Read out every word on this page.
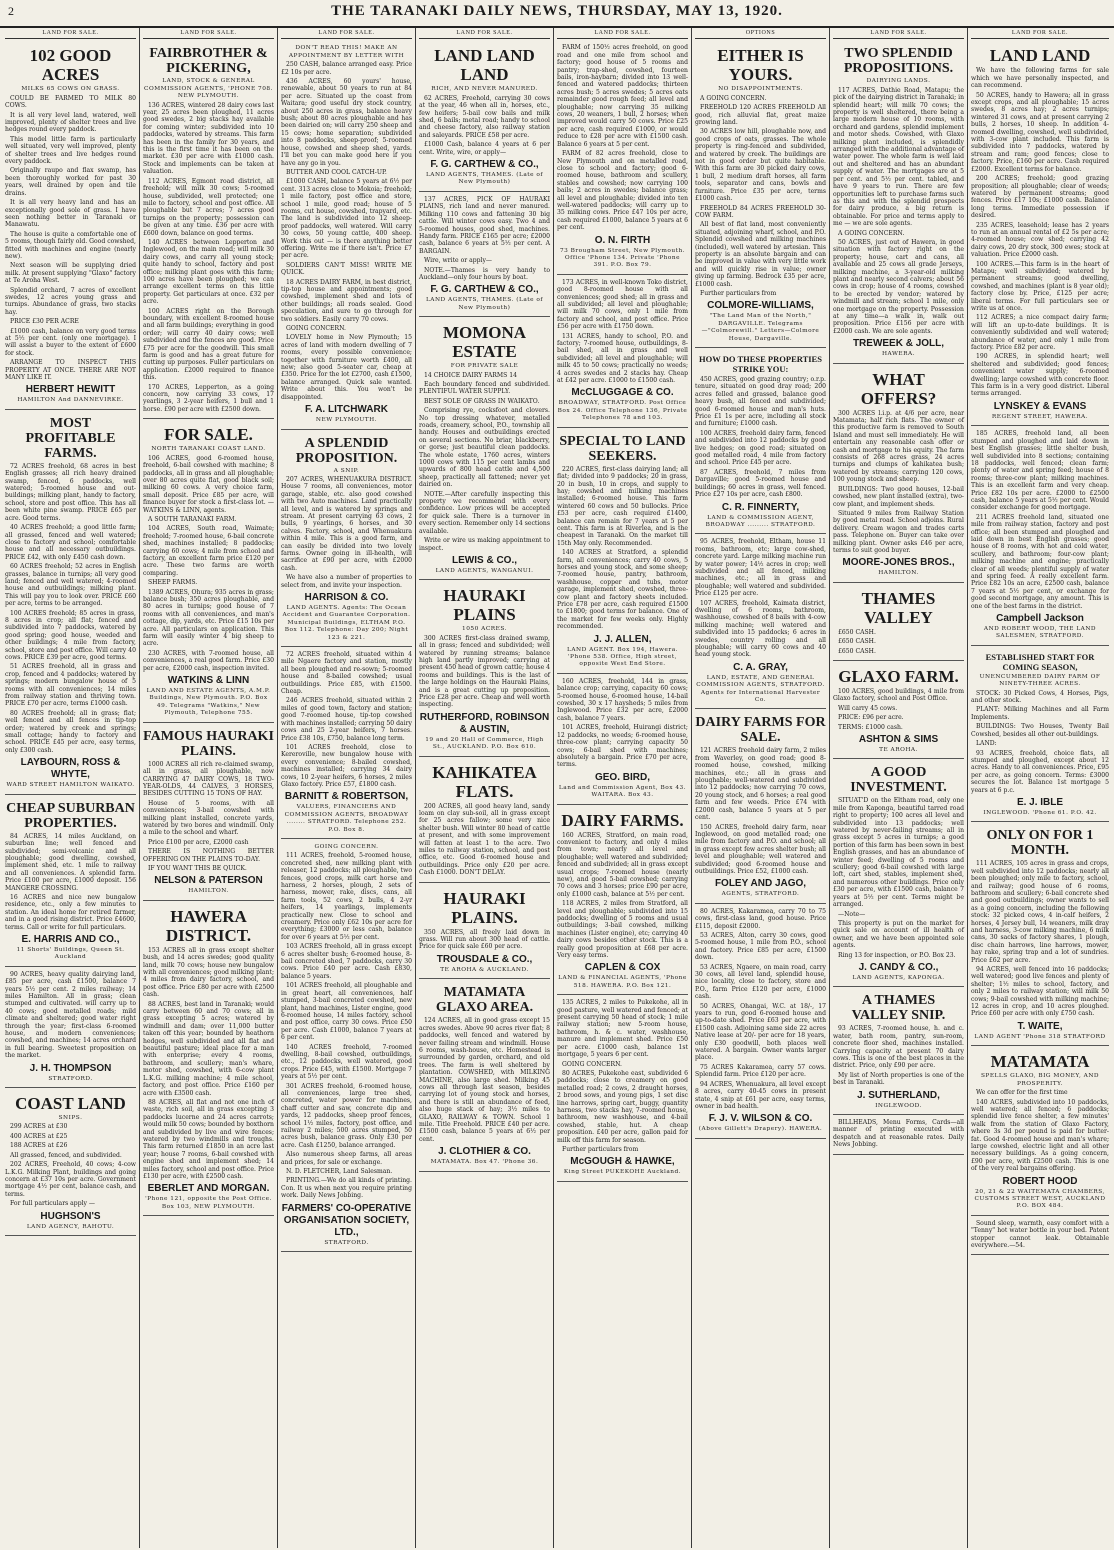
2	THE TARANAKI DAILY NEWS, THURSDAY, MAY 13, 1920.
LAND FOR SALE.
102 GOOD ACRES
MILKS 65 COWS ON GRASS.

COULD BE FARMED TO MILK 80 COWS.

It is all very level land, watered, well improved, plenty of shelter trees and live hedges round every paddock.

This model little farm is particularly well situated, very well improved, plenty of shelter trees and live hedges round every paddock.

Originally raupo and flax swamp, has been thoroughly worked for past 30 years, well drained by open and tile drains.

It is all very heavy land and has an exceptionally good sole of grass. I have seen nothing better in Taranaki or Manawatu.

The house is quite a comfortable one of 5 rooms, though fairly old. Good cowshed, fitted with machines and engine (nearly new).

Next season will be supplying dried milk. At present supplying "Glaxo" factory at Te Aroha West.

Splendid orchard, 7 acres of excellent swedes, 12 acres young grass and turnips. Abundance of grass, two stacks hay.

PRICE £30 PER ACRE

£1000 cash, balance on very good terms at 5½ per cent. (only one mortgage). I will assist a buyer to the extent of £600 for stock.

ARRANGE TO INSPECT THIS PROPERTY AT ONCE. THERE ARE NOT MANY LIKE IT.

HERBERT HEWITT
HAMILTON And DANNEVIRKE.
MOST PROFITABLE FARMS.

72 ACRES freehold, 68 acres in best English grasses; all rich heavy drained swamp, fenced, 6 paddocks, well watered; 5-roomed house and out-buildings; milking plant, handy to factory, school, store and post office. This has all been white pine swamp. PRICE £65 per acre. Good terms.

40 ACRES freehold; a good little farm; all grassed, fenced and well watered; close to factory and school; comfortable house and all necessary outbuildings. PRICE £42, with only £450 cash down.

60 ACRES freehold; 52 acres in English grasses, balance in turnips; all very good land; fenced and well watered; 4-roomed house and outbuildings; milking plant. This will pay you to look over. PRICE £60 per acre, terms to be arranged.

100 ACRES freehold; 85 acres in grass, 8 acres in crop; all flat; fenced and subdivided into 7 paddocks, watered by good spring; good house, weeded and other buildings; 4 mile from factory, school, store and post office. Will carry 40 cows. PRICE £39 per acre, good terms.

51 ACRES freehold, all in grass and crop, fenced and 4 paddocks; watered by springs; modern bungalow house of 5 rooms with all conveniences; 14 miles from railway station and thriving town. PRICE £70 per acre, terms £1000 cash.

80 ACRES freehold; all in grass; flat; well fenced and all fences in tip-top order; watered by creek and springs; small cottage; handy to factory and school. PRICE £45 per acre, easy terms, only £300 cash.

LAYBOURN, ROSS & WHYTE,
WARD STREET HAMILTON WAIKATO.
CHEAP SUBURBAN PROPERTIES.

84 ACRES, 14 miles Auckland, on suburban line; well fenced and subdivided; semi-volcanic and all ploughable; good dwelling, cowshed, implement shed, etc. 1 mile to railway and all conveniences. A splendid farm. Price £100 per acre, £1000 deposit. 156 MANGERE CROSSING.

16 ACRES and nice new bungalow residence, etc., only a few minutes to station. An ideal home for retired farmer, and in a good rising district. Price £4600, terms. Call or write for full particulars.

E. HARRIS AND CO.,
11 Shorts' Buildings, Queen St. Auckland

90 ACRES, heavy quality dairying land, £85 per acre, cash £1500, balance 7 years 5½ per cent. 2 miles railway; 14 miles Hamilton. All in grass; clean stumped and cultivated. will carry up to 40 cows; good metalled roads; mild climate and sheltered; good water right through the year; first-class 6-roomed house, and modern conveniences; cowshed, and machines; 14 acres orchard in full bearing. Sweetest proposition on the market.

J. H. THOMPSON
STRATFORD.
COAST LAND
SNIPS.

299 ACRES at £30

400 ACRES at £25

188 ACRES at £26

All grassed, fenced, and subdivided.

202 ACRES, Freehold, 40 cows; 4-cow L.K.G. Milking Plant, buildings and going concern at £37 10s per acre. Government mortgage 4½ per cent, balance cash, and terms.

For full particulars apply —

HUGHSON'S
LAND AGENCY, RAHOTU.
LAND FOR SALE.
FAIRBROTHER & PICKERING,
LAND, STOCK & GENERAL COMMISSION AGENTS, 'PHONE 708. NEW PLYMOUTH.

136 ACRES, wintered 28 dairy cows last year, 25 acres been ploughed, 11 acres good swedes, 2 big stacks hay available for coming winter; subdivided into 10 paddocks, watered by streams. This farm has been in the family for 30 years, and this is the first time it has been on the market. £30 per acre with £1000 cash. Stock and implements can be taken at valuation.

112 ACRES, Egmont road district, all freehold; will milk 30 cows; 5-roomed house, subdivided, well protected; one mile to factory, school and post office. All ploughable but 7 acres; 7 acres good turnips on the property; possession can be given at any time. £36 per acre with £600 down, balance on good terms.

140 ACRES between Lepperton and Inglewood, on the main road; will milk 30 dairy cows, and carry all young stock; quite handy to school, factory and post office; milking plant goes with this farm; 100 acres have been ploughed; we can arrange excellent terms on this little property. Get particulars at once. £32 per acre.

100 ACRES right on the Borough boundary, with excellent 8-roomed house and all farm buildings; everything in good order; will carry 40 dairy cows; well subdivided and the fences are good. Price £75 per acre for the goodwill. This small farm is good and has a great future for cutting up purposes. Fuller particulars on application. £2000 required to finance this.

170 ACRES, Lepperton, as a going concern, now carrying 33 cows, 17 yearlings, 3 2-year heifers, 1 bull and 1 horse. £90 per acre with £2500 down.

FOR SALE.
NORTH TARANAKI COAST LAND.

106 ACRES, good 6-roomed house, freehold, 6-bail cowshed with machine; 8 paddocks, all in grass and all ploughable; over 80 acres quite flat, good black soil; milking 60 cows. A very choice farm, small deposit. Price £85 per acre, will finance buyer for stock a first-class lot. — WATKINS & LINN, agents.

A SOUTH TARANAKI FARM.

104 ACRES, South road, Waimate; freehold; 7-roomed house, 6-bail concrete shed, machines installed; 8 paddocks; carrying 60 cows; 4 mile from school and factory, an excellent farm price £120 per acre. These two farms are worth comparing.

SHEEP FARMS.

1389 ACRES, Ohura; 935 acres in grass; balance bush; 350 acres ploughable, and 80 acres in turnips; good house of 7 rooms with all conveniences, and man's cottage, dip, yards, etc. Price £15 10s per acre. All particulars on application. This farm will easily winter 4 big sheep to acre.

230 ACRES, with 7-roomed house, all conveniences, a real good farm. Price £30 per acre, £2000 cash, inspection invited.

WATKINS & LINN
LAND AND ESTATE AGENTS, A.M.P. Buildings, New Plymouth. P.O. Box 49. Telegrams "Watkins," New Plymouth, Telephone 755.
FAMOUS HAURAKI PLAINS.

1000 ACRES all rich re-claimed swamp, all in grass, all ploughable, now CARRYING 47 DAIRY COWS, 18 TWO-YEAR-OLDS, 44 CALVES, 3 HORSES, BESIDES CUTTING 15 TONS OF HAY.

House of 5 rooms, with all conveniences; 3-bail cowshed with milking plant installed, concrete yards, watered by two bores and windmill. Only a mile to the school and wharf.

Price £100 per acre, £2000 cash

THERE IS NOTHING BETTER OFFERING ON THE PLAINS TO-DAY.

IF YOU WANT THIS BE QUICK.

NELSON & PATERSON
HAMILTON.
HAWERA DISTRICT.

153 ACRES all in grass except shelter bush, and 14 acres swedes; good quality land, milk 70 cows; house new bungalow with all conveniences; good milking plant; 4 miles from dairy factory, school, and post office. Price £80 per acre with £2500 cash.

88 ACRES, best land in Taranaki; would carry between 60 and 70 cows; all in grass excepting 5 acres; watered by windmill and dam; over 11,000 butter taken off this year; bounded by heathorn hedges, well subdivided and all flat and beautiful pasture; ideal place for a man with enterprise; every 4 rooms, bathroom, and scullery; man's whare, motor shed, cowshed, with 6-cow plant L.K.G. milking machine; 4 mile school, factory, and post office. Price £160 per acre with £3500 cash.

88 ACRES, all flat and not one inch of waste, rich soil, all in grass excepting 3 paddocks lucerne and 24 acres carrots; would milk 50 cows; bounded by boxthorn and subdivided by live and wire fences; watered by two windmills and troughs. This farm returned £1850 in an acre last year; house 7 rooms, 6-bail cowshed with engine shed and implement shed; 14 miles factory, school and post office. Price £130 per acre, with £2500 cash.

EBERLET AND MORGAN.
'Phone 121, opposite the Post Office. Box 103, NEW PLYMOUTH.
LAND FOR SALE.
DON'T READ THIS! MAKE AN APPOINTMENT BY LETTER WITH

250 CASH, balance arranged easy. Price £2 10s per acre.

436 ACRES, 60 yours' house, renewable, about 50 years to run at 84 per acre. Situated up the coast from Waitara; good useful dry stock country, about 250 acres in grass, balance heavy bush; about 80 acres ploughable and has been dairied on; will carry 250 sheep and 15 cows; home separation; subdivided into 8 paddocks, sheep-proof; 5-roomed house, cowshed and sheep shed, yards. I'll bet you can make good here if you have any go in you.

BUTTER AND COOL CATCH-UP.

£1000 CASH, balance 5 years at 6½ per cent. 313 acres close to Mokoia; freehold; 1 mile factory, post office and store, school 1 mile, good road; house of 5 rooms, cut house, cowshed, trapyard, etc. The land is subdivided into 12 sheep-proof paddocks, well watered. Will carry 30 cows, 50 young cattle, 400 sheep. Work this out — is there anything better offering. Write me if there isn't. Price £7 per acre.

SOLDIERS CAN'T MISS! WRITE ME QUICK.

18 ACRES DAIRY FARM, in best district, tip-top house and appointments; good cowshed, implement shed and lots of other buildings; all roads sealed. Good speculation, and sure to go through for two soldiers. Easily carry 70 cows.

GOING CONCERN.

LOVELY home in New Plymouth; 15 acres of land with modern dwelling of 7 rooms, every possible convenience; together with furniture worth £400, all new; also good 5-seater car, cheap at £350. Price for the lot £2700, cash £1500, balance arranged. Quick sale wanted. Write about this. You won't be disappointed.

F. A. LITCHWARK
NEW PLYMOUTH.
A SPLENDID PROPOSITION.
A SNIP.

207 ACRES, WHENUAKURA DISTRICT. House 7 rooms, all conveniences, motor garage, stable, etc. also good cowshed with two Auto machines. Land practically all level, and is watered by springs and stream. At present carrying 63 cows, 2 bulls, 9 yearlings, 6 horses, and 30 calves. Factory, school, and Whenuakura within 4 mile. This is a good farm, and can easily be divided into two lovely farms. Owner going in ill-health, will sacrifice at £90 per acre, with £2000 cash.

We have also a number of properties to select from, and invite your inspection.

HARRISON & CO.
LAND AGENTS. Agents: The Ocean Accident and Guarantee Corporation. Municipal Buildings, ELTHAM P.O. Box 112. Telephone: Day 200; Night 123 & 221.

72 ACRES freehold, situated within 4 mile Ngaere factory and station, mostly all been ploughed and re-sown; 5-roomed house and 8-bailed cowshed; usual outbuildings. Price £85, with £1500. Cheap.

246 ACRES freehold, situated within 2 miles of good town, factory and station; good 7-roomed house, tip-top cowshed with machines installed; carrying 50 dairy cows and 25 2-year heifers, 7 horses. Price £38 10s, £750, balance long term.

101 ACRES freehold, close to Kereroville, new bungalow house with every convenience; 8-bailed cowshed, machines installed; carrying 34 dairy cows, 10 2-year heifers, 6 horses, 2 miles Glaxo factory. Price £57, £1800 cash.

BARNITT & ROBERTSON,
VALUERS, FINANCIERS AND COMMISSION AGENTS, BROADWAY ........ STRATFORD. Telephone 252. P.O. Box 8.
GOING CONCERN.

111 ACRES, freehold, 5-roomed house, concreted shed, new milking plant with releaser, 12 paddocks; all ploughable, two fences, good crops, milk cart horse and harness, 2 horses, plough, 2 sets of harness, mower, rake, discs, cans, all farm tools, 52 cows, 2 bulls, 4 2-yr heifers, 14 yearlings, implements practically new. Close to school and creamery. Price only £62 10s per acre for everything; £3000 or less cash, balance for over 6 years at 5½ per cent.

103 ACRES freehold, all in grass except 6 acres shelter bush; 6-roomed house, 8-bail concreted shed, 7 paddocks, carry 30 cows. Price £40 per acre. Cash £830, balance 5 years.

101 ACRES freehold, all ploughable and in great heart, all conveniences, half stumped, 3-bail concreted cowshed, new plant, hand machines, Lister engine, good 6-roomed house, 14 miles factory, school and post office, carry 30 cows. Price £50 per acre. Cash £1000, balance 7 years at 6 per cent.

140 ACRES freehold, 7-roomed dwelling, 8-bail cowshed, outbuildings, etc., 12 paddocks, well watered, good crops. Price £45, with £1500. Mortgage 7 years at 5½ per cent.

301 ACRES freehold, 6-roomed house, all conveniences, large tree shed, concreted, water power for machines, chaff cutter and saw, concrete dip and yards, 12 paddocks, sheep proof fences, school 1½ miles, factory, post office, and railway 2 miles; 500 acres stumped, 50 acres bush, balance grass. Only £30 per acre. Cash £1250, balance arranged.

Also numerous sheep farms, all areas and prices, for sale or exchange.

N. D. FLETCHER, Land Salesman.

PRINTING.—We do all kinds of printing. Con. It us when next you require printing work. Daily News Jobbing.

FARMERS' CO-OPERATIVE ORGANISATION SOCIETY, LTD.,
STRATFORD.
LAND FOR SALE.
LAND LAND LAND
RICH, AND NEVER MANURED.

62 ACRES, Freehold, carrying 30 cows at the year, 46 when all in, horses, etc., few heifers; 5-bail cow bails and milk shed, 6 bails; metal road; handy to school and cheese factory, also railway station and saleyards. PRICE £58 per acre.

£1000 Cash, balance 4 years at 6 per cent. Write, wire, or apply—

F. G. CARTHEW & CO.,
LAND AGENTS, THAMES. (Late of New Plymouth)

137 ACRES, PICK OF HAURAKI PLAINS, rich land and never manured. Milking 110 cows and fattening 30 big cattle. Will winter cows easy. Two 4 and 5-roomed houses, good shed, machines. Handy farm. PRICE £165 per acre; £2000 cash, balance 6 years at 5½ per cent. A BARGAIN.

Wire, write or apply—

NOTE.—Thames is very handy to Auckland—only four hours by boat.

F. G. CARTHEW & CO.,
LAND AGENTS, THAMES. (Late of New Plymouth)
MOMONA ESTATE
FOR PRIVATE SALE

14 CHOICE DAIRY FARMS 14

Each boundary fenced and subdivided. PLENTIFUL WATER SUPPLY.

BEST SOLE OF GRASS IN WAIKATO.

Comprising rye, cocksfoot and clovers. No top dressing whatever, metalled roads, creamery, school, P.O., township all handy. Houses and outbuildings erected on several sections. No briar, blackberry, or gorse; just beautiful clean paddocks. The whole estate, 1760 acres, winters 1000 cows with 115 per cent lambs and upwards of 800 head cattle and 4,500 sheep, practically all fattened; never yet dairied on.

NOTE.—After carefully inspecting this property we recommend with every confidence. Low prices will be accepted for quick sale. There is a turnover in every section. Remember only 14 sections available.

Write or wire us making appointment to inspect.

LEWIS & CO.,
LAND AGENTS, WANGANUI.
HAURAKI PLAINS
1050 ACRES.

300 ACRES first-class drained swamp, all in grass; fenced and subdivided; well watered by running streams; balance high land partly improved; carrying at present 450 head of grown cattle; house 4 rooms and buildings. This is the last of the large holdings on the Hauraki Plains, and is a great cutting up proposition. Price £28 per acre. Cheap and well worth inspecting.

RUTHERFORD, ROBINSON & AUSTIN,
19 and 20 Hall of Commerce, High St., AUCKLAND. P.O. Box 610.
KAHIKATEA FLATS.

200 ACRES, all good heavy land, sandy loam on clay sub-soil, all in grass except for 25 acres fallow; some very nice shelter bush. Will winter 80 head of cattle at present, and with some improvement will fatten at least 1 to the acre. Two miles to railway station, school, and post office, etc. Good 6-roomed house and outbuildings. Price only £20 per acre. Cash £1000. DON'T DELAY.

HAURAKI PLAINS.

350 ACRES, all freely laid down in grass. Will run about 300 head of cattle. Price for quick sale £60 per acre.

TROUSDALE & CO.,
TE AROHA & AUCKLAND.
MATAMATA GLAXO AREA.

124 ACRES, all in good grass except 15 acres swedes. Above 90 acres river flat; 8 paddocks, well fenced and watered by never failing stream and windmill. House 6 rooms, wash-house, etc. Homestead is surrounded by garden, orchard, and old trees. The farm is well sheltered by plantation. COWSHED, with MILKING MACHINE, also large shed. Milking 45 cows all through last season, besides carrying lot of young stock and horses, and there is still an abundance of feed, also huge stack of hay; 3½ miles to GLAXO, RAILWAY & TOWN. School 1 mile. Title Freehold. PRICE £40 per acre. £1500 cash, balance 5 years at 6½ per cent.

J. CLOTHIER & CO.
MATAMATA. Box 47. 'Phone 36.
LAND FOR SALE.

FARM of 150½ acres freehold, on good road and one mile from school and factory; good house of 5 rooms and pantry; trap-shed, cowshed, fourteen bails, iron-haybarn; divided into 13 well-fenced and watered paddocks; thirteen acres bush; 5 acres swedes; 5 acres oats remainder good rough feed; all level and ploughable; now carrying 35 milking cows, 20 weaners, 1 bull, 2 horses; when improved would carry 50 cows. Price £25 per acre, cash required £1000, or would reduce to £28 per acre with £1500 cash. Balance 6 years at 5 per cent.

FARM of 82 acres freehold, close to New Plymouth and on metalled road, close to school and factory; good 6-roomed house, bathroom and scullery, stables and cowshed; now carrying 100 bails; 2 acres in swedes; balance grass; all level and ploughable; divided into ten well-watered paddocks; will carry up to 35 milking cows. Price £47 10s per acre, cash required £1000, balance 5 years at 6 per cent.

O. N. FIRTH
73 Brougham Street, New Plymouth. Office 'Phone 134. Private 'Phone 391. P.O. Box 79.

173 ACRES, in well-known Toko district, good 8-roomed house with all conveniences; good shed; all in grass and all subdivided; all level and ploughable; will milk 70 cows, only 1 mile from factory and school, and post office. Price £56 per acre with £1750 down.

131 ACRES, handy to school, P.O. and factory; 7-roomed house, outbuildings, 8-bail shed, all in grass and well subdivided; all level and ploughable; will milk 45 to 50 cows; practically no weeds; 4 acres swedes and 2 stacks hay. Cheap at £42 per acre. £1000 to £1500 cash.

McCLUGGAGE & CO.
BROADWAY, STRATFORD. Post Office Box 24. Office Telephone 136, Private Telephones 78 and 103.
SPECIAL TO LAND SEEKERS.

220 ACRES, first-class dairying land; all flat; divided into 9 paddocks; 20 in grass, 20 in bush, 10 in crops, and supply to hay; cowshed and milking machines installed; 6-roomed house. This farm wintered 60 cows and 50 bullocks. Price £53 per acre, cash required £1400, balance can remain for 7 years at 5 per cent. This farm is at Riverlea, and is the cheapest in Taranaki. On the market till 15th May only. Recommended.

140 ACRES at Stratford, a splendid farm, all conveniences; carry 40 cows, 5 horses and young stock, and some sheep; 7-roomed house, pantry, bathroom, washhouse, copper and tubs, motor garage, implement shed, cowshed, three-cow plant and factory sheets included. Price £78 per acre, cash required £1500 to £1800; good terms for balance. One of the market for few weeks only. Highly recommended.

J. J. ALLEN,
LAND AGENT. Box 194, Hawera. 'Phone 538. Office, High street, opposite West End Store.

160 ACRES, freehold, 144 in grass, balance crop; carrying, capacity 60 cows; 5-roomed house, 6-roomed house, 14-bail cowshed, 30 x 17 haysheds; 5 miles from Inglewood. Price £32 per acre, £2000 cash, balance 7 years.

101 ACRES, freehold, Huirangi district; 12 paddocks, no weeds; 6-roomed house, three-cow plant; carrying capacity 50 cows; 6-bail shed with machines; absolutely a bargain. Price £70 per acre, terms.

GEO. BIRD,
Land and Commission Agent, Box 43. WAITARA. Box 43.
DAIRY FARMS.

160 ACRES, Stratford, on main road, convenient to factory, and only 4 miles from town; nearly all level and ploughable; well watered and subdivided; fenced and subdivided; all in grass except usual crops; 7-roomed house (nearly new), and good 5-bail cowshed; carrying 70 cows and 3 horses; price £90 per acre, only £1000 cash, balance at 5½ per cent.

118 ACRES, 2 miles from Stratford, all level and ploughable; subdivided into 15 paddocks; dwelling of 5 rooms and usual outbuildings; 3-bail cowshed, milking machines (Lister engine), etc; carrying 40 dairy cows besides other stock. This is a really good proposition at £68 per acre. Very easy terms.

CAPLEN & COX
LAND & FINANCIAL AGENTS, 'Phone 518. HAWERA. P.O. Box 121.

135 ACRES, 2 miles to Pukekohe, all in good pasture, well watered and fenced; at present carrying 50 head of stock; 1 mile railway station; new 5-room house, bathroom, h. & c. water, washhouse, manure and implement shed. Price £50 per acre. £1000 cash, balance 1st mortgage, 5 years 6 per cent.

GOING CONCERN.

80 ACRES, Pukekohe east, subdivided 6 paddocks; close to creamery on good metalled road; 2 cows, 2 draught horses, 2 brood sows, and young pigs, 1 set disc line harrows, spring cart, buggy, quantity harness, two stacks hay, 7-roomed house, bathroom, new washhouse, and 4-bail cowshed, stable, hut. A cheap proposition. £40 per acre, gallon paid for milk off this farm for season.

Further particulars from

McGOUGH & HAWKE,
King Street PUKEKOHE Auckland.
OPTIONS
EITHER IS YOURS.
NO DISAPPOINTMENTS.

A GOING CONCERN.

FREEHOLD 120 ACRES FREEHOLD All good, rich alluvial flat, great maize growing land.

30 ACRES low hill, ploughable now, and good crops of oats, grasses. The whole property is ring-fenced and subdivided, and watered by creek. The buildings are not in good order but quite habitable. With this farm are 30 picked dairy cows, 1 bull, 2 medium draft horses, all farm tools, separator and cans, bowls and furniture. Price £35 per acre, terms £1000 cash.

FREEHOLD 84 ACRES FREEHOLD 30-COW FARM.

All best of flat land, most conveniently situated, adjoining wharf, school, and P.O. Splendid cowshed and milking machines (included), well watered by artesian. This property is an absolute bargain and can be improved in value with very little work and will quickly rise in value; owner giving up farming. Bedrock £35 per acre, £1000 cash.

Further particulars from

COLMORE-WILLIAMS,
"The Land Man of the North," DARGAVILLE. Telegrams—"Colmorewill." Letters—Colmore House, Dargaville.
HOW DO THESE PROPERTIES STRIKE YOU:

450 ACRES, good grazing country; o.r.p. tenure, situated on good dray road; 200 acres felled and grassed, balance good heavy bush, all fenced and subdivided; good 6-roomed house and man's huts. Price £1 1s per acre, including all stock and furniture; £1000 cash.

100 ACRES, freehold dairy farm, fenced and subdivided into 12 paddocks by good live hedges; on good road; situated on good metalled road, 4 mile from factory and school. Price £45 per acre.

87 ACRES, freehold, 7 miles from Dargaville; good 5-roomed house and buildings; 60 acres in grass, well fenced. Price £27 10s per acre, cash £800.

C. R. FINNERTY,
LAND & COMMISSION AGENT, BROADWAY ......... STRATFORD.

95 ACRES, freehold, Eltham, house 11 rooms, bathroom, etc; large cow-shed, concrete yard. Large milking machine run by water power; 14½ acres in crop; well subdivided and all fenced, milking machines, etc.; all in grass and ploughable; well watered and subdivided. Price £125 per acre.

107 ACRES, freehold, Kaimata district, dwelling of 6 rooms, bathroom, washhouse, cowshed of 8 bails with 4-cow milking machine; well watered and subdivided into 15 paddocks; 6 acres in swedes, country rolling and all ploughable; will carry 60 cows and 40 head young stock.

C. A. GRAY,
LAND, ESTATE, AND GENERAL COMMISSION AGENTS, STRATFORD. Agents for International Harvester Co.
DAIRY FARMS FOR SALE.

121 ACRES freehold dairy farm, 2 miles from Waverley, on good road; good 8-roomed house, cowshed, milking machines, etc.; all in grass and ploughable; well-watered and subdivided into 12 paddocks; now carrying 70 cows, 20 young stock, and 6 horses; a real good farm and few weeds. Price £74 with £2000 cash, balance 5 years at 5 per cent.

150 ACRES, freehold dairy farm, near Inglewood, on good metalled road; one mile from factory and P.O. and school; all in grass except few acres shelter bush; all level and ploughable; well watered and subdivided; good 6-roomed house and outbuildings. Price £52, £1000 cash.

FOLEY AND JAGO,
AGENTS, STRATFORD.

80 ACRES, Kakaramea, carry 70 to 75 cows, first-class land, good house. Price £115, deposit £2000.

53 ACRES, Alton, carry 30 cows, good 5-roomed house, 1 mile from P.O., school and factory. Price £85 per acre, £1500 down.

53 ACRES, Ngaere, on main road, carry 30 cows, all level land, splendid house, nice locality, close to factory, store and P.O., farm Price £120 per acre, £1000 cash.

50 ACRES, Ohangai, W.C. at 18/-, 17 years to run, good 6-roomed house and up-to-date shed. Price £63 per acre, with £1500 cash. Adjoining same side 22 acres Native lease at 20/- per acre for 18 years, only £30 goodwill, both places well watered. A bargain. Owner wants larger place.

75 ACRES Kakaramea, carry 57 cows. Splendid farm. Price £120 per acre.

94 ACRES, Whenuakura, all level except 8 acres, carry 40-45 cows in present state, 4 snip at £61 per acre, easy terms, owner in bad health.

F. J. V. WILSON & CO.
(Above Gillett's Drapery). HAWERA.
LAND FOR SALE.
TWO SPLENDID PROPOSITIONS.
DAIRYING LANDS.

117 ACRES, Dathie Road, Matapu; the pick of the dairying district in Taranaki; in splendid heart; will milk 70 cows; the property is well sheltered, there being a large modern house of 10 rooms, with orchard and gardens, splendid implement and motor sheds. Cowshed, with Glaxo milking plant included, is splendidly arranged with the additional advantage of water power. The whole farm is well laid out and sheltered and has an abundant supply of water. The mortgages are at 5 per cent. and 5½ per cent. tabled, and have 9 years to run. There are few opportunities left to purchase farms such as this and with the splendid prospects for dairy produce, a big return is obtainable. For price and terms apply to me — we are sole agents.

A GOING CONCERN.

50 ACRES, just out of Hawera, in good situation with factory right on the property; house, cart and cans, all available and 25 cows all grade Jerseys, milking machine, a 3-year-old milking plant and nearly second calvers; about 56 cows in crop; house of 4 rooms, cowshed to be erected by vendor; watered by windmill and stream; school 1 mile, only one mortgage on the property. Possession at any time—a walk in, walk out proposition. Price £156 per acre with £2000 cash. We are sole agents.

TREWEEK & JOLL,
HAWERA.
WHAT OFFERS?

300 ACRES l.i.p. at 4/6 per acre, near Matamata; half rich flats. The owner of this productive farm is removed to South Island and must sell immediately. He will entertain any reasonable cash offer or cash and mortgage to his equity. The farm consists of 268 acres grass, 24 acres turnips and clumps of kahikatea bush; watered by streams; carrying 120 cows, 100 young stock and sheep.

BUILDINGS: Two good houses, 12-bail cowshed, new plant installed (extra), two-cow plant, and implement sheds.

Situated 9 miles from Railway Station by good metal road. School adjoins. Rural delivery. Cream wagon and trades carts pass. Telephone on. Buyer can take over milking plant. Owner asks £46 per acre, terms to suit good buyer.

MOORE-JONES BROS.,
HAMILTON.
THAMES VALLEY

£650 CASH.

£650 CASH.

£650 CASH.

GLAXO FARM.

100 ACRES, good buildings, 4 mile from Glaxo factory, school and Post Office.

Will carry 45 cows.

PRICE: £96 per acre.

TERMS: £1000 cash.

ASHTON & SIMS
TE AROHA.
A GOOD INVESTMENT.

SITUAT'D on the Eltham road, only one mile from Kaponga, beautiful tarred road right to property; 100 acres all level and subdivided into 13 paddocks; well watered by never-failing streams; all in grass except 5 acres in turnips; a good portion of this farm has been sown in best English grasses, and has an abundance of winter feed; dwelling of 5 rooms and scullery; good 6-bail cowshed with large loft, cart shed, stables, implement shed, and numerous other buildings. Price only £30 per acre, with £1500 cash, balance 7 years at 5½ per cent. Terms might be arranged.

—Note—

This property is put on the market for quick sale on account of ill health of owner, and we have been appointed sole agents.

Ring 13 for inspection, or P.O. Box 23.

J. CANDY & CO.,
LAND AGENTS, KAPONGA.
A THAMES VALLEY SNIP.

93 ACRES, 7-roomed house, h. and c. water, bath room, pantry, sun-room, concrete floor shed, machines installed. Carrying capacity at present 70 dairy cows. This is one of the best places in the district. Price, only £90 per acre.

My list of North properties is one of the best in Taranaki.

J. SUTHERLAND,
INGLEWOOD.

BILLHEADS, Menu Forms, Cards—all manner of printing executed with despatch and at reasonable rates. Daily News Jobbing.

LAND FOR SALE.
LAND LAND

We have the following farms for sale which we have personally inspected, and can recommend.

50 ACRES, handy to Hawera; all in grass except crops, and all ploughable; 15 acres swedes, 8 acres hay; 2 acres turnips; wintered 31 cows, and at present carrying 2 bulls, 2 horses, 10 sheep. In addition 4-roomed dwelling, cowshed, well subdivided, with 3-cow plant included. This farm is subdivided into 7 paddocks, watered by stream and ram; good fences; close to factory. Price, £160 per acre. Cash required £2000. Excellent terms for balance.

200 ACRES; freehold; good grazing proposition; all ploughable; clear of weeds; watered by permanent streams; good fences. Price £17 10s; £1000 cash. Balance long terms. Immediate possession if desired.

235 ACRES, leasehold; lease has 2 years to run at an annual rental of £2 5s per acre; 4-roomed house; cow shed; carrying 42 dairy cows, 20 dry stock, 300 ewes; stock at valuation. Price £2000 cash.

100 ACRES.—This farm is in the heart of Matapu; well subdivided; watered by permanent streams; good dwelling, cowshed, and machines (plant is 8 year old); factory close by. Price, £125 per acre; liberal terms. For full particulars see or write us at once.

112 ACRES; a nice compact dairy farm; will lift an up-to-date buildings. It is conveniently subdivided and well watered; abundance of water, and only 1 mile from factory. Price £82 per acre.

190 ACRES, in splendid heart; well sheltered and subdivided; good fences; convenient water supply; 6-roomed dwelling; large cowshed with concrete floor. This farm is in a very good district. Liberal terms arranged.

LYNSKEY & EVANS
REGENT STREET, HAWERA.

185 ACRES, freehold land, all been stumped and ploughed and laid down in best English grasses; little shelter bush, well subdivided into 8 sections; containing 18 paddocks, well fenced; clean farm; plenty of water and spring feed; house of 8 rooms; three-cow plant; milking machines. This is an excellent farm and very cheap. Price £82 10s per acre. £2000 to £2500 cash, balance 5 years at 5½ per cent. Would consider exchange for good mortgage.

211 ACRES freehold land, situated one mile from railway station, factory and post office; all been stumped and ploughed and laid down in best English grasses; good house of 8 rooms, with hot and cold water, scullery, and bathroom; four-cow plant; milking machine and engine; practically clear of all weeds; plentiful supply of water and spring feed. A really excellent farm. Price £82 10s an acre, £2500 cash, balance 7 years at 5½ per cent, or exchange for good second mortgage, any amount. This is one of the best farms in the district.

Campbell Jackson
AND ROBERT WOOD, THE LAND SALESMEN, STRATFORD.
ESTABLISHED START FOR COMING SEASON,
UNENCUMBERED DAIRY FARM OF NINETY-THREE ACRES.

STOCK: 30 Picked Cows, 4 Horses, Pigs, and other stock.

PLANT: Milking Machines and all Farm Implements.

BUILDINGS: Two Houses, Twenty Bail Cowshed, besides all other out-buildings.

LAND:

93 ACRES, freehold, choice flats, all stumped and ploughed, except about 12 acres. Handy to all conveniences. Price, £95 per acre, as going concern. Terms: £3000 secures the lot. Balance 1st mortgage 5 years at 6 p.c.

E. J. IBLE
INGLEWOOD. 'Phone 61. P.O. 42.
ONLY ON FOR 1 MONTH.

111 ACRES, 105 acres in grass and crops, well subdivided into 12 paddocks; nearly all been ploughed; only mile to factory, school, and railway; good house of 6 rooms, bathroom and scullery; 6-bail concrete shed and good outbuildings; owner wants to sell as a going concern, including the following stock: 32 picked cows, 4 in-calf heifers, 2 horses, 4 Jersey bull, 14 weaners, milk dray and harness, 3-cow milking machine, 6 milk cans, 30 sacks of factory shares, 1 plough, disc chain harrows, line harrows, mower, hay rake, spring trap and a lot of sundries. Price £62 per acre.

94 ACRES, well fenced into 16 paddocks; well watered; good live fences and plenty of shelter; 1½ miles to school, factory, and only 2 miles to railway station; will milk 50 cows; 9-bail cowshed with milking machine; 12 acres in crop, and 10 acres ploughed. Price £60 per acre with only £750 cash.

T. WAITE,
LAND AGENT 'Phone 318 STRATFORD
MATAMATA
SPELLS GLAXO, BIG MONEY, AND PROSPERITY.

We can offer for the first time

140 ACRES, subdivided into 10 paddocks, well watered; all fenced; 6 paddocks; splendid live fence shelter, a few minutes' walk from the station of Glaxo Factory, where 3s 3d per pound is paid for butter-fat. Good 4-roomed house and man's whare; large cowshed, electric light and all other necessary buildings. As a going concern, £90 per acre, with £2500 cash. This is one of the very real bargains offering.

ROBERT HOOD
20, 21 & 22 WAITEMATA CHAMBERS, CUSTOMS STREET WEST, AUCKLAND P.O. BOX 484.

Sound sleep, warmth, easy comfort with a "Tenny" hot water bottle in your bed. Patent stopper cannot leak. Obtainable everywhere.—54.
